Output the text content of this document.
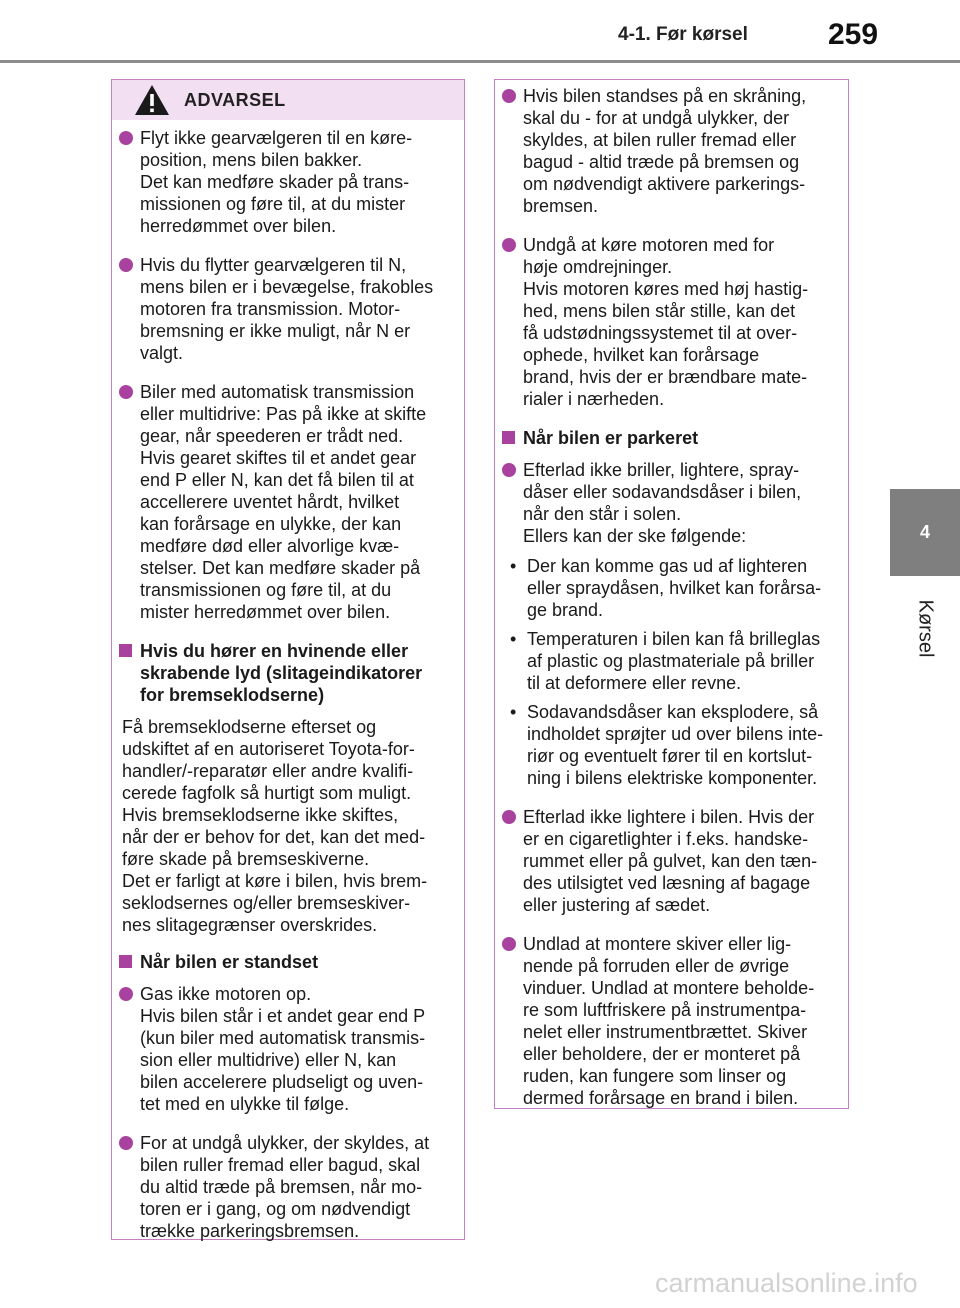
4-1. Før kørsel	259
4
Kørsel
ADVARSEL
Flyt ikke gearvælgeren til en køre-
position, mens bilen bakker.
Det kan medføre skader på trans-
missionen og føre til, at du mister
herredømmet over bilen.
Hvis du flytter gearvælgeren til N,
mens bilen er i bevægelse, frakobles
motoren fra transmission. Motor-
bremsning er ikke muligt, når N er
valgt.
Biler med automatisk transmission
eller multidrive: Pas på ikke at skifte
gear, når speederen er trådt ned.
Hvis gearet skiftes til et andet gear
end P eller N, kan det få bilen til at
accellerere uventet hårdt, hvilket
kan forårsage en ulykke, der kan
medføre død eller alvorlige kvæ-
stelser. Det kan medføre skader på
transmissionen og føre til, at du
mister herredømmet over bilen.
Hvis du hører en hvinende eller
skrabende lyd (slitageindikatorer
for bremseklodserne)
Få bremseklodserne efterset og
udskiftet af en autoriseret Toyota-for-
handler/-reparatør eller andre kvalifi-
cerede fagfolk så hurtigt som muligt.
Hvis bremseklodserne ikke skiftes,
når der er behov for det, kan det med-
føre skade på bremseskiverne.
Det er farligt at køre i bilen, hvis brem-
seklodsernes og/eller bremseskiver-
nes slitagegrænser overskrides.
Når bilen er standset
Gas ikke motoren op.
Hvis bilen står i et andet gear end P
(kun biler med automatisk transmis-
sion eller multidrive) eller N, kan
bilen accelerere pludseligt og uven-
tet med en ulykke til følge.
For at undgå ulykker, der skyldes, at
bilen ruller fremad eller bagud, skal
du altid træde på bremsen, når mo-
toren er i gang, og om nødvendigt
trække parkeringsbremsen.
Hvis bilen standses på en skråning,
skal du - for at undgå ulykker, der
skyldes, at bilen ruller fremad eller
bagud - altid træde på bremsen og
om nødvendigt aktivere parkerings-
bremsen.
Undgå at køre motoren med for
høje omdrejninger.
Hvis motoren køres med høj hastig-
hed, mens bilen står stille, kan det
få udstødningssystemet til at over-
ophede, hvilket kan forårsage
brand, hvis der er brændbare mate-
rialer i nærheden.
Når bilen er parkeret
Efterlad ikke briller, lightere, spray-
dåser eller sodavandsdåser i bilen,
når den står i solen.
Ellers kan der ske følgende:
• Der kan komme gas ud af lighteren
eller spraydåsen, hvilket kan forårsa-
ge brand.
• Temperaturen i bilen kan få brilleglas
af plastic og plastmateriale på briller
til at deformere eller revne.
• Sodavandsdåser kan eksplodere, så
indholdet sprøjter ud over bilens inte-
riør og eventuelt fører til en kortslut-
ning i bilens elektriske komponenter.
Efterlad ikke lightere i bilen. Hvis der
er en cigaretlighter i f.eks. handske-
rummet eller på gulvet, kan den tæn-
des utilsigtet ved læsning af bagage
eller justering af sædet.
Undlad at montere skiver eller lig-
nende på forruden eller de øvrige
vinduer. Undlad at montere beholde-
re som luftfriskere på instrumentpa-
nelet eller instrumentbrættet. Skiver
eller beholdere, der er monteret på
ruden, kan fungere som linser og
dermed forårsage en brand i bilen.
carmanualsonline.info
